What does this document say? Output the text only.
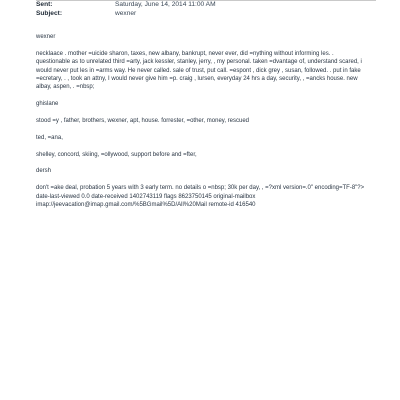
Sent:	Saturday, June 14, 2014 11:00 AM
Subject:	wexner

wexner

necklaace . mother =uicide sharon, taxes, new albany, bankrupt, never ever, did =nything without informing les. . questionable as to unrelated third =arty, jack kessler, stanley, jerry, , my personal. taken =dvantage of, understand scared, i would never put les in =arms way. He never called. sale of trust, put call. =espont , dick grey , susan, followed. . put in fake =ecretary, . , took an attny, I would never give him =p. craig , lursen, everyday 24 hrs a day, security, , =ancks house. new albay, aspen, . =nbsp;

ghislane

stood =y , father, brothers, wexner, apt, house. forrester, =other, money, rescued

ted, =ana,

shelley, concord, skiing, =ollywood, support before and =fter,

dersh

don't =ake deal, probation 5 years with 3 early term. no details o =nbsp; 30k per day, , =?xml version=.0" encoding=TF-8"?> date-last-viewed 0.0 date-received 1402743119 flags 8623750145 original-mailbox imap://jeevacation@imap.gmail.com/%5BGmail%5D/All%20Mail remote-id 416540
